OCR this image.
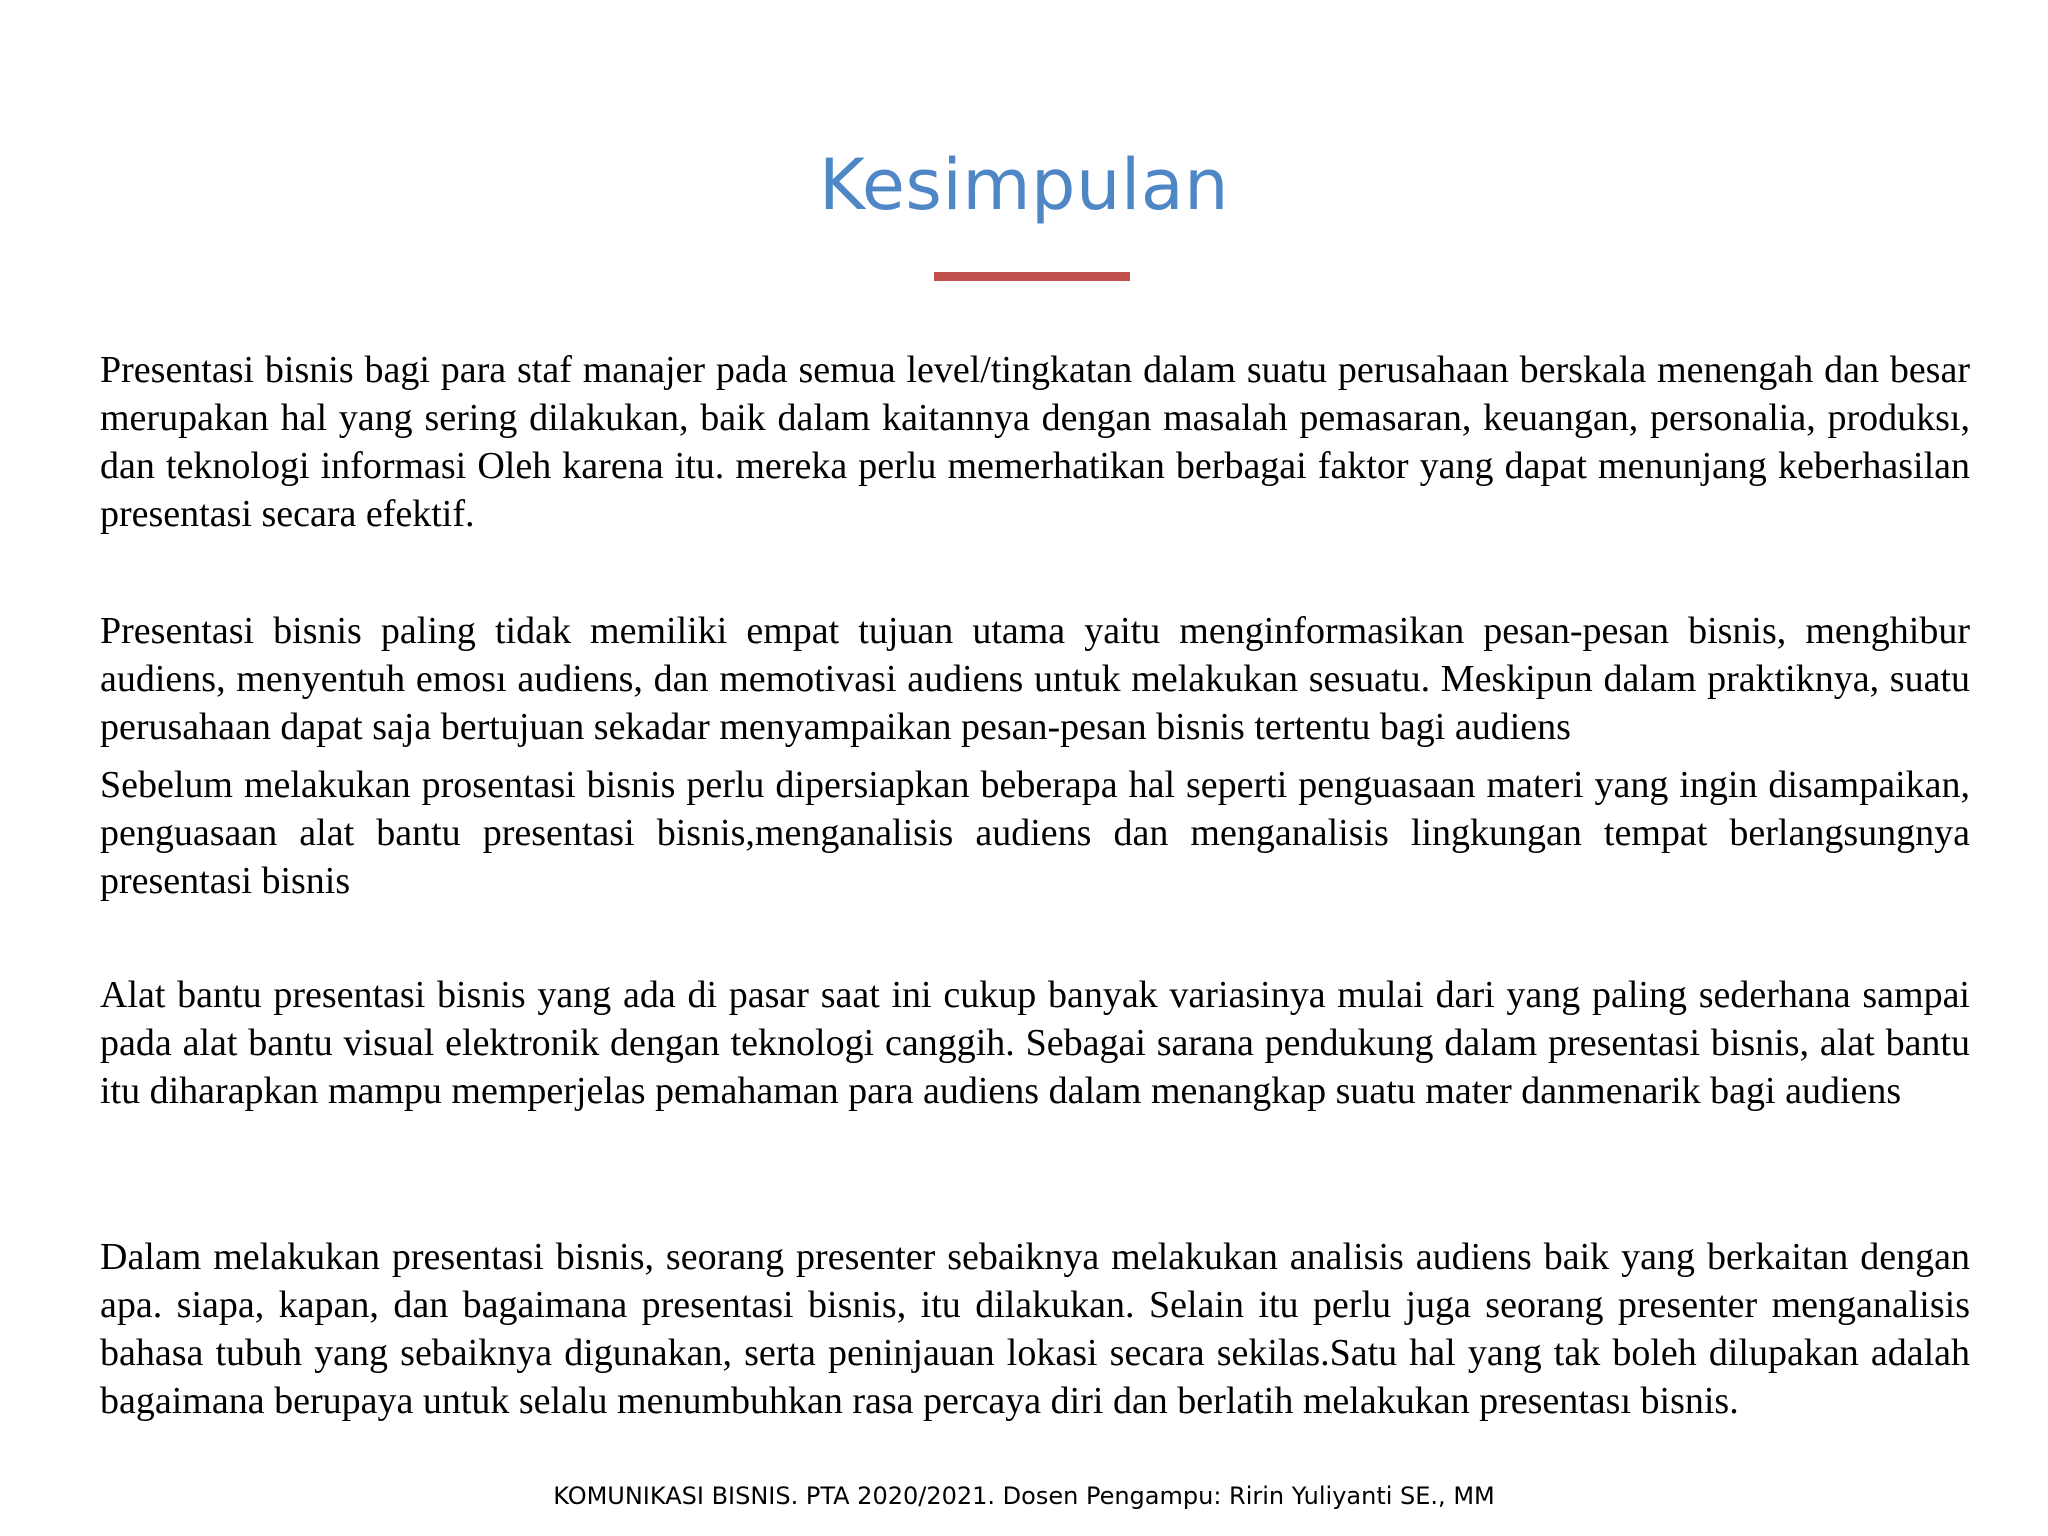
Kesimpulan

Presentasi bisnis bagi para staf manajer pada semua level/tingkatan dalam suatu perusahaan berskala menengah dan besar merupakan hal yang sering dilakukan, baik dalam kaitannya dengan masalah pemasaran, keuangan, personalia, produksı, dan teknologi informasi Oleh karena itu. mereka perlu memerhatikan berbagai faktor yang dapat menunjang keberhasilan presentasi secara efektif.

Presentasi bisnis paling tidak memiliki empat tujuan utama yaitu menginformasikan pesan-pesan bisnis, menghibur audiens, menyentuh emosı audiens, dan memotivasi audiens untuk melakukan sesuatu. Meskipun dalam praktiknya, suatu perusahaan dapat saja bertujuan sekadar menyampaikan pesan-pesan bisnis tertentu bagi audiens

Sebelum melakukan prosentasi bisnis perlu dipersiapkan beberapa hal seperti penguasaan materi yang ingin disampaikan, penguasaan alat bantu presentasi bisnis,menganalisis audiens dan menganalisis lingkungan tempat berlangsungnya presentasi bisnis

Alat bantu presentasi bisnis yang ada di pasar saat ini cukup banyak variasinya mulai dari yang paling sederhana sampai pada alat bantu visual elektronik dengan teknologi canggih. Sebagai sarana pendukung dalam presentasi bisnis, alat bantu itu diharapkan mampu memperjelas pemahaman para audiens dalam menangkap suatu mater danmenarik bagi audiens

Dalam melakukan presentasi bisnis, seorang presenter sebaiknya melakukan analisis audiens baik yang berkaitan dengan apa. siapa, kapan, dan bagaimana presentasi bisnis, itu dilakukan. Selain itu perlu juga seorang presenter menganalisis bahasa tubuh yang sebaiknya digunakan, serta peninjauan lokasi secara sekilas.Satu hal yang tak boleh dilupakan adalah bagaimana berupaya untuk selalu menumbuhkan rasa percaya diri dan berlatih melakukan presentası bisnis.

KOMUNIKASI BISNIS. PTA 2020/2021. Dosen Pengampu: Ririn Yuliyanti SE., MM
